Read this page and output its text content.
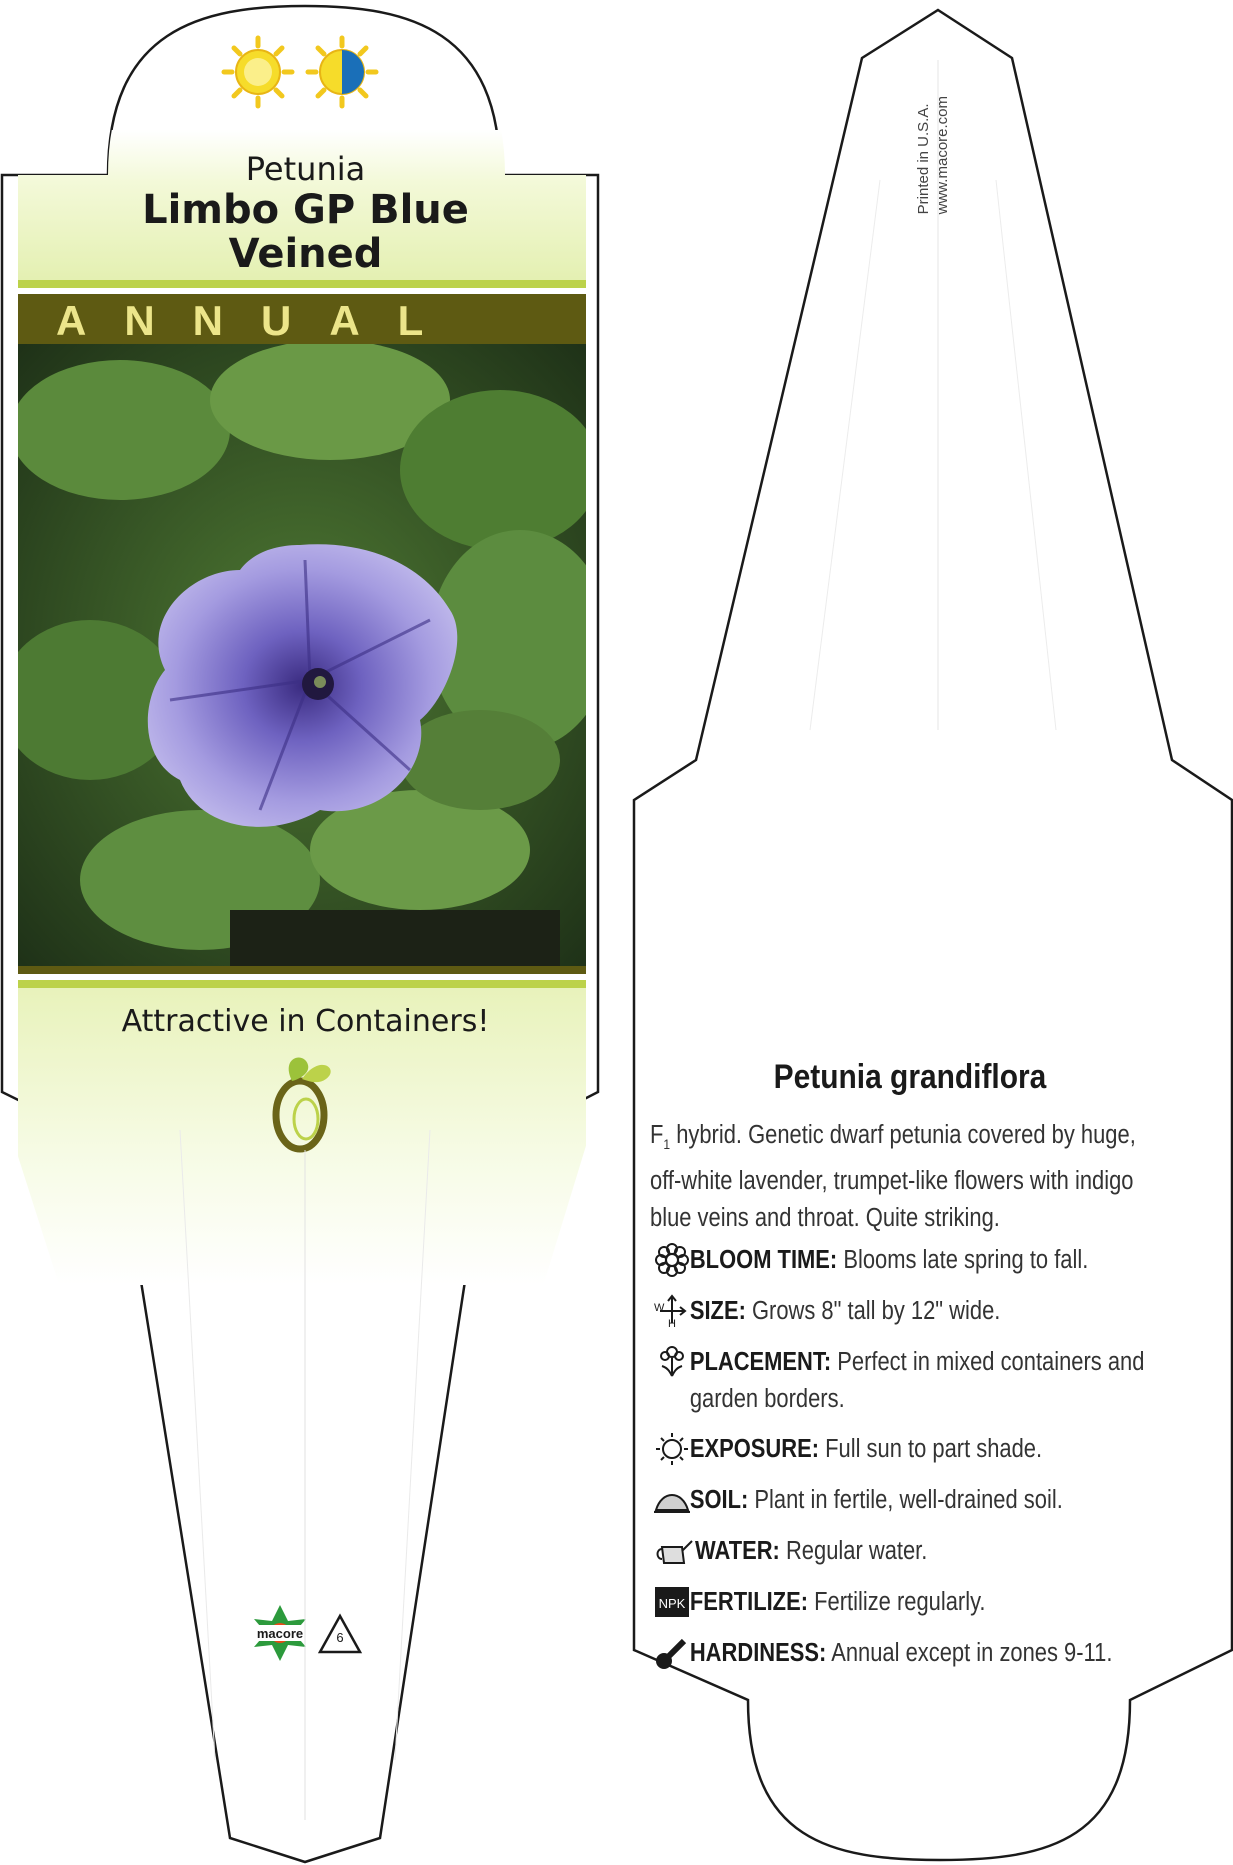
NPK
Petunia
Limbo GP Blue
Veined
ANNUAL
Attractive in Containers!
macore	6
Printed in U.S.A. www.macore.com
Petunia grandiflora
$F_1$ hybrid. Genetic dwarf petunia covered by huge, off-white lavender, trumpet-like flowers with indigo blue veins and throat. Quite striking.
BLOOM TIME: Blooms late spring to fall.
SIZE: Grows 8" tall by 12" wide.
PLACEMENT: Perfect in mixed containers and garden borders.
EXPOSURE: Full sun to part shade.
SOIL: Plant in fertile, well-drained soil.
WATER: Regular water.
FERTILIZE: Fertilize regularly.
HARDINESS: Annual except in zones 9-11.
W
H
